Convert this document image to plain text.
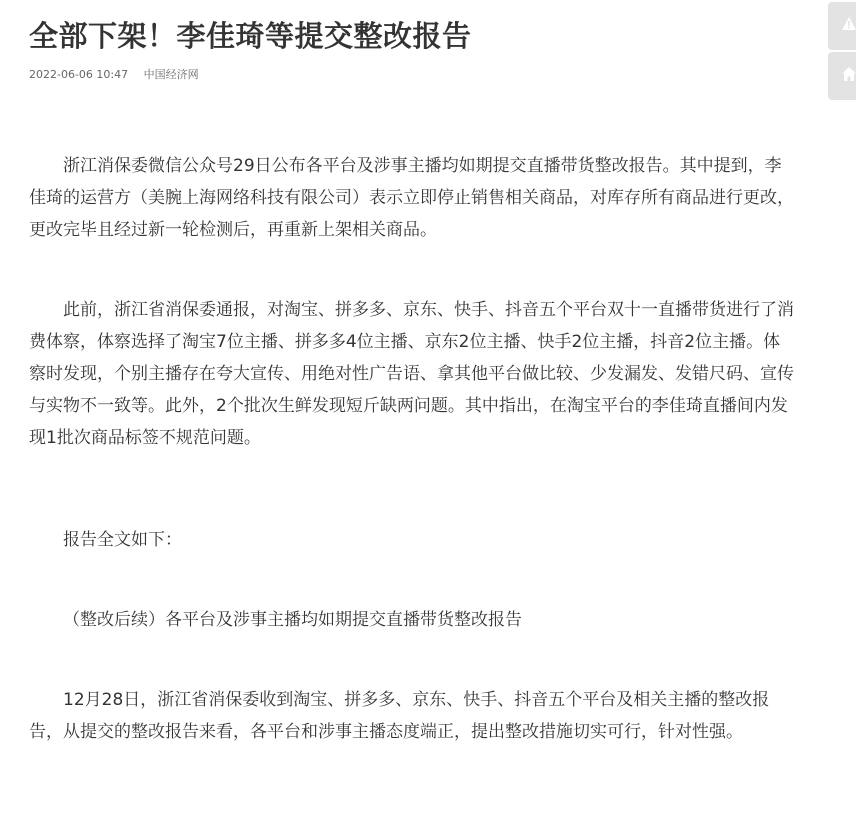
全部下架！李佳琦等提交整改报告
2022-06-06 10:47 中国经济网

浙江消保委微信公众号29日公布各平台及涉事主播均如期提交直播带货整改报告。其中提到，李佳琦的运营方（美腕上海网络科技有限公司）表示立即停止销售相关商品，对库存所有商品进行更改，更改完毕且经过新一轮检测后，再重新上架相关商品。

此前，浙江省消保委通报，对淘宝、拼多多、京东、快手、抖音五个平台双十一直播带货进行了消费体察，体察选择了淘宝7位主播、拼多多4位主播、京东2位主播、快手2位主播，抖音2位主播。体察时发现，个别主播存在夸大宣传、用绝对性广告语、拿其他平台做比较、少发漏发、发错尺码、宣传与实物不一致等。此外，2个批次生鲜发现短斤缺两问题。其中指出，在淘宝平台的李佳琦直播间内发现1批次商品标签不规范问题。

报告全文如下：

（整改后续）各平台及涉事主播均如期提交直播带货整改报告

12月28日，浙江省消保委收到淘宝、拼多多、京东、快手、抖音五个平台及相关主播的整改报告，从提交的整改报告来看，各平台和涉事主播态度端正，提出整改措施切实可行，针对性强。
